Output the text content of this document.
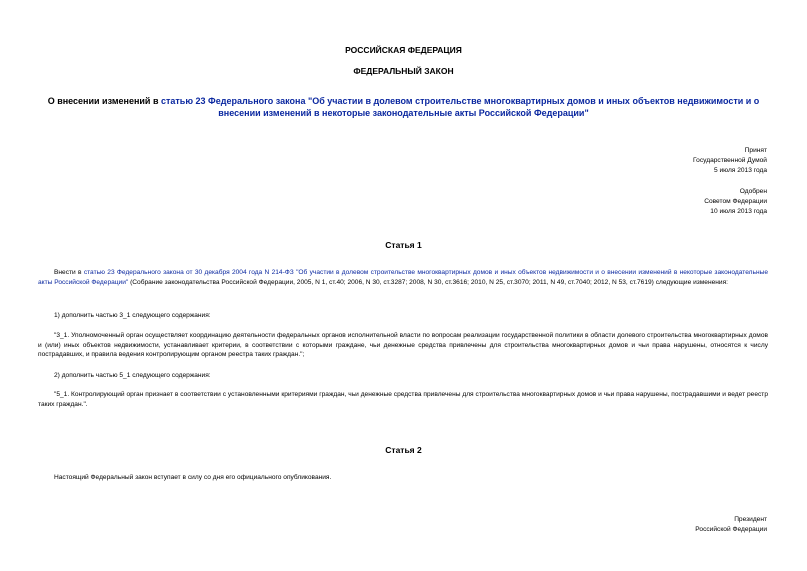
РОССИЙСКАЯ ФЕДЕРАЦИЯ
ФЕДЕРАЛЬНЫЙ ЗАКОН
О внесении изменений в статью 23 Федерального закона "Об участии в долевом строительстве многоквартирных домов и иных объектов недвижимости и о внесении изменений в некоторые законодательные акты Российской Федерации"
Принят
Государственной Думой
5 июля 2013 года
Одобрен
Советом Федерации
10 июля 2013 года
Статья 1
Внести в статью 23 Федерального закона от 30 декабря 2004 года N 214-ФЗ "Об участии в долевом строительстве многоквартирных домов и иных объектов недвижимости и о внесении изменений в некоторые законодательные акты Российской Федерации" (Собрание законодательства Российской Федерации, 2005, N 1, ст.40; 2006, N 30, ст.3287; 2008, N 30, ст.3616; 2010, N 25, ст.3070; 2011, N 49, ст.7040; 2012, N 53, ст.7619) следующие изменения:
1) дополнить частью 3_1 следующего содержания:
"3_1. Уполномоченный орган осуществляет координацию деятельности федеральных органов исполнительной власти по вопросам реализации государственной политики в области долевого строительства многоквартирных домов и (или) иных объектов недвижимости, устанавливает критерии, в соответствии с которыми граждане, чьи денежные средства привлечены для строительства многоквартирных домов и чьи права нарушены, относятся к числу пострадавших, и правила ведения контролирующим органом реестра таких граждан.";
2) дополнить частью 5_1 следующего содержания:
"5_1. Контролирующий орган признает в соответствии с установленными критериями граждан, чьи денежные средства привлечены для строительства многоквартирных домов и чьи права нарушены, пострадавшими и ведет реестр таких граждан.".
Статья 2
Настоящий Федеральный закон вступает в силу со дня его официального опубликования.
Президент
Российской Федерации
